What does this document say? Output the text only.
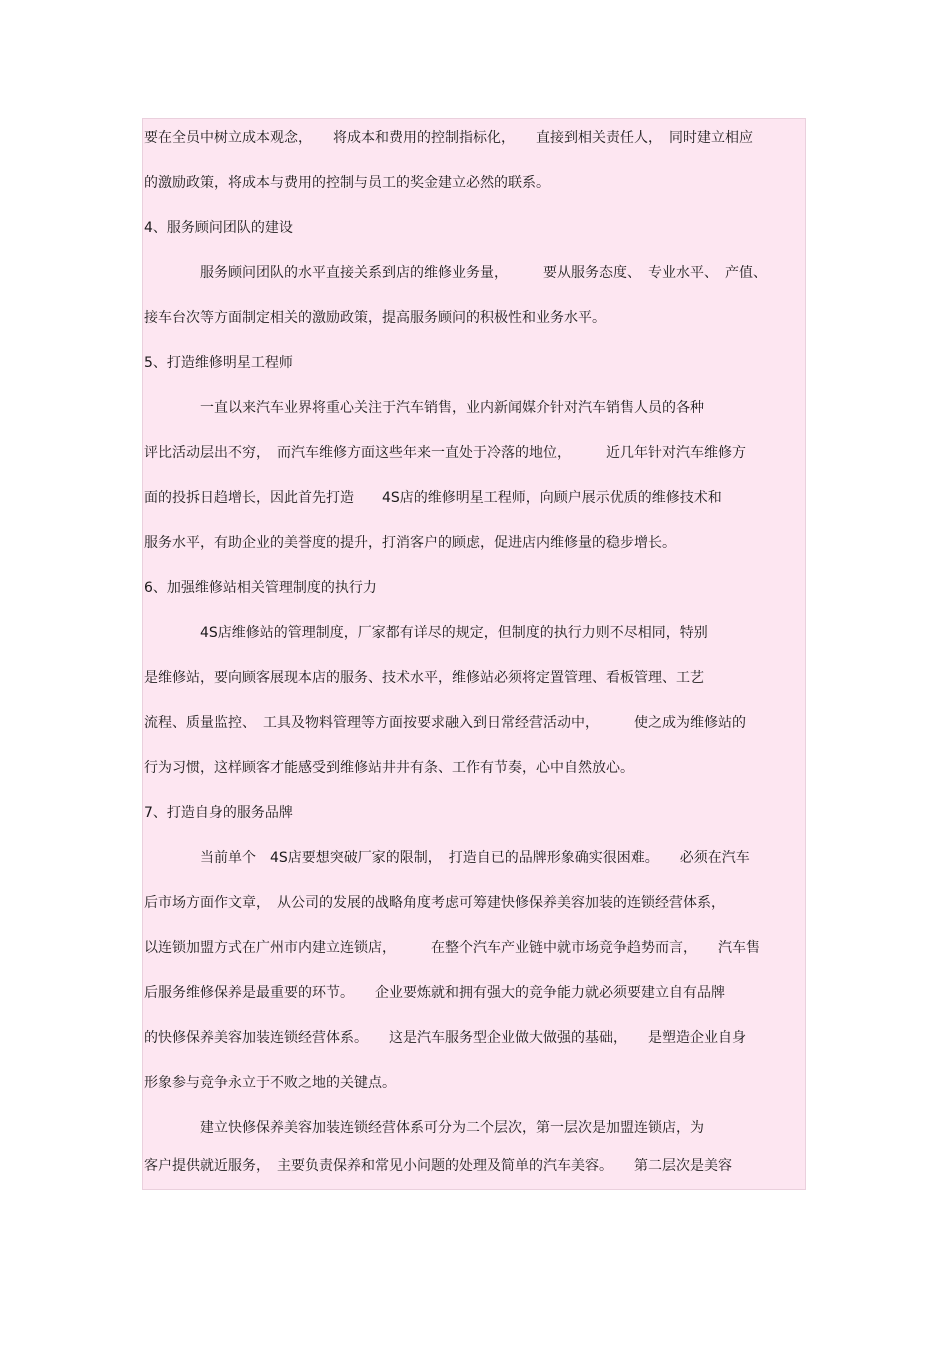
要在全员中树立成本观念，　　将成本和费用的控制指标化，　　直接到相关责任人，　同时建立相应
的激励政策，将成本与费用的控制与员工的奖金建立必然的联系。
4、服务顾问团队的建设
　　　　服务顾问团队的水平直接关系到店的维修业务量，　　　要从服务态度、　专业水平、　产值、
接车台次等方面制定相关的激励政策，提高服务顾问的积极性和业务水平。
5、打造维修明星工程师
　　　　一直以来汽车业界将重心关注于汽车销售，业内新闻媒介针对汽车销售人员的各种
评比活动层出不穷，　而汽车维修方面这些年来一直处于冷落的地位，　　　近几年针对汽车维修方
面的投拆日趋增长，因此首先打造　　4S店的维修明星工程师，向顾户展示优质的维修技术和
服务水平，有助企业的美誉度的提升，打消客户的顾虑，促进店内维修量的稳步增长。
6、加强维修站相关管理制度的执行力
　　　　4S店维修站的管理制度，厂家都有详尽的规定，但制度的执行力则不尽相同，特别
是维修站，要向顾客展现本店的服务、技术水平，维修站必须将定置管理、看板管理、工艺
流程、质量监控、　工具及物料管理等方面按要求融入到日常经营活动中，　　　使之成为维修站的
行为习惯，这样顾客才能感受到维修站井井有条、工作有节奏，心中自然放心。
7、打造自身的服务品牌
　　　　当前单个　4S店要想突破厂家的限制，　打造自已的品牌形象确实很困难。　　必须在汽车
后市场方面作文章，　从公司的发展的战略角度考虑可筹建快修保养美容加装的连锁经营体系，
以连锁加盟方式在广州市内建立连锁店，　　　在整个汽车产业链中就市场竞争趋势而言，　　汽车售
后服务维修保养是最重要的环节。　　企业要炼就和拥有强大的竞争能力就必须要建立自有品牌
的快修保养美容加装连锁经营体系。　　这是汽车服务型企业做大做强的基础，　　是塑造企业自身
形象参与竞争永立于不败之地的关键点。
　　　　建立快修保养美容加装连锁经营体系可分为二个层次，第一层次是加盟连锁店，为
客户提供就近服务，　主要负责保养和常见小问题的处理及简单的汽车美容。　　第二层次是美容
